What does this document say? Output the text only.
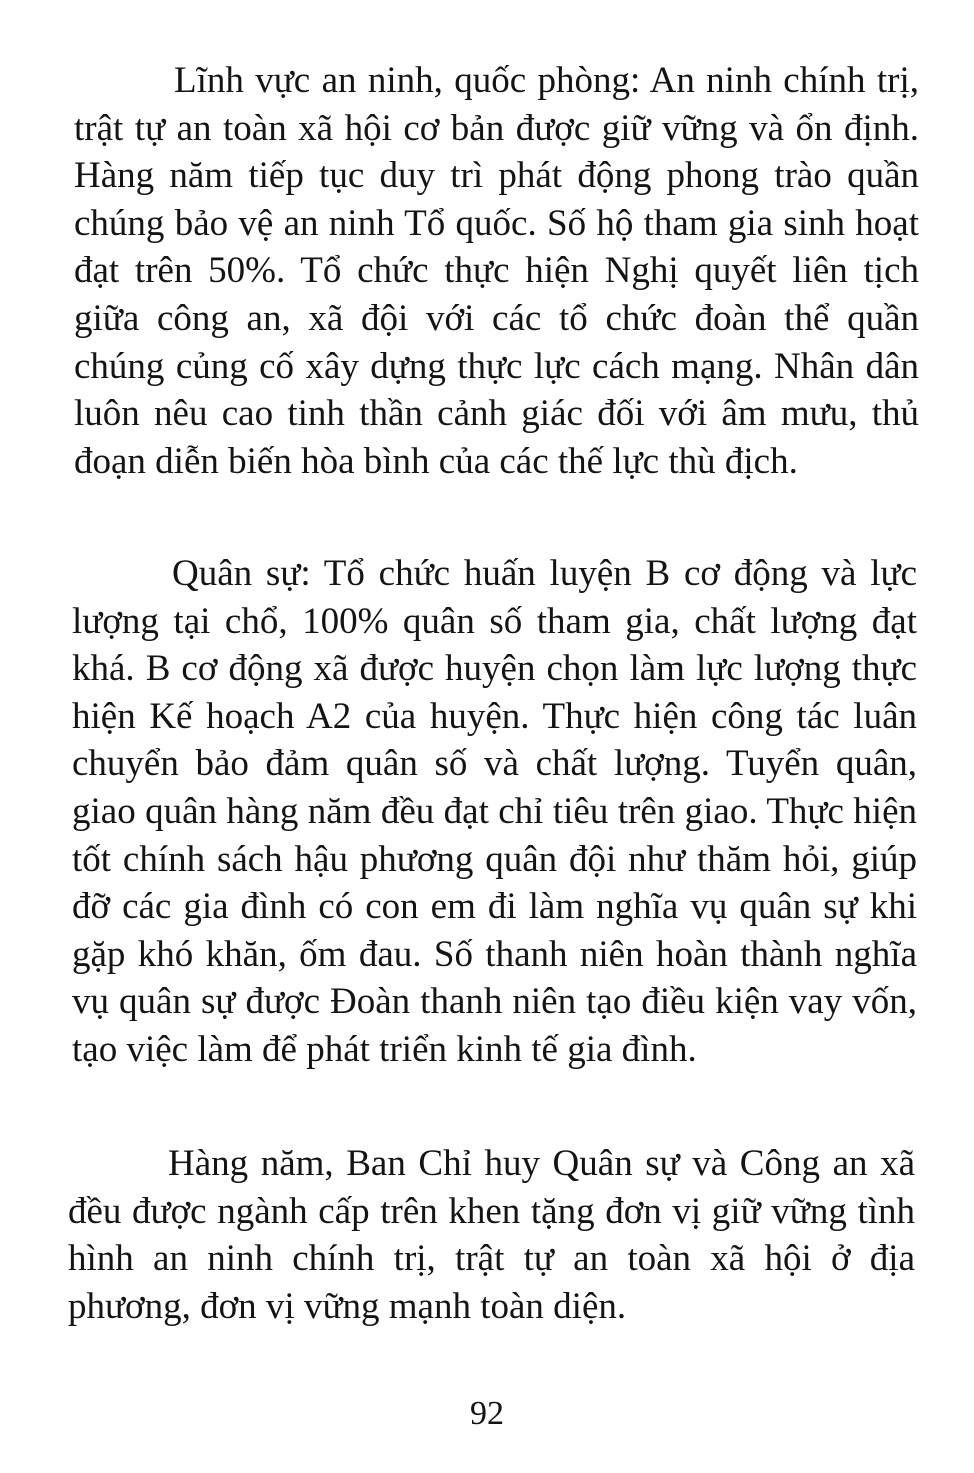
Lĩnh vực an ninh, quốc phòng: An ninh chính trị, trật tự an toàn xã hội cơ bản được giữ vững và ổn định. Hàng năm tiếp tục duy trì phát động phong trào quần chúng bảo vệ an ninh Tổ quốc. Số hộ tham gia sinh hoạt đạt trên 50%. Tổ chức thực hiện Nghị quyết liên tịch giữa công an, xã đội với các tổ chức đoàn thể quần chúng củng cố xây dựng thực lực cách mạng. Nhân dân luôn nêu cao tinh thần cảnh giác đối với âm mưu, thủ đoạn diễn biến hòa bình của các thế lực thù địch.

Quân sự: Tổ chức huấn luyện B cơ động và lực lượng tại chổ, 100% quân số tham gia, chất lượng đạt khá. B cơ động xã được huyện chọn làm lực lượng thực hiện Kế hoạch A2 của huyện. Thực hiện công tác luân chuyển bảo đảm quân số và chất lượng. Tuyển quân, giao quân hàng năm đều đạt chỉ tiêu trên giao. Thực hiện tốt chính sách hậu phương quân đội như thăm hỏi, giúp đỡ các gia đình có con em đi làm nghĩa vụ quân sự khi gặp khó khăn, ốm đau. Số thanh niên hoàn thành nghĩa vụ quân sự được Đoàn thanh niên tạo điều kiện vay vốn, tạo việc làm để phát triển kinh tế gia đình.

Hàng năm, Ban Chỉ huy Quân sự và Công an xã đều được ngành cấp trên khen tặng đơn vị giữ vững tình hình an ninh chính trị, trật tự an toàn xã hội ở địa phương, đơn vị vững mạnh toàn diện.

92
